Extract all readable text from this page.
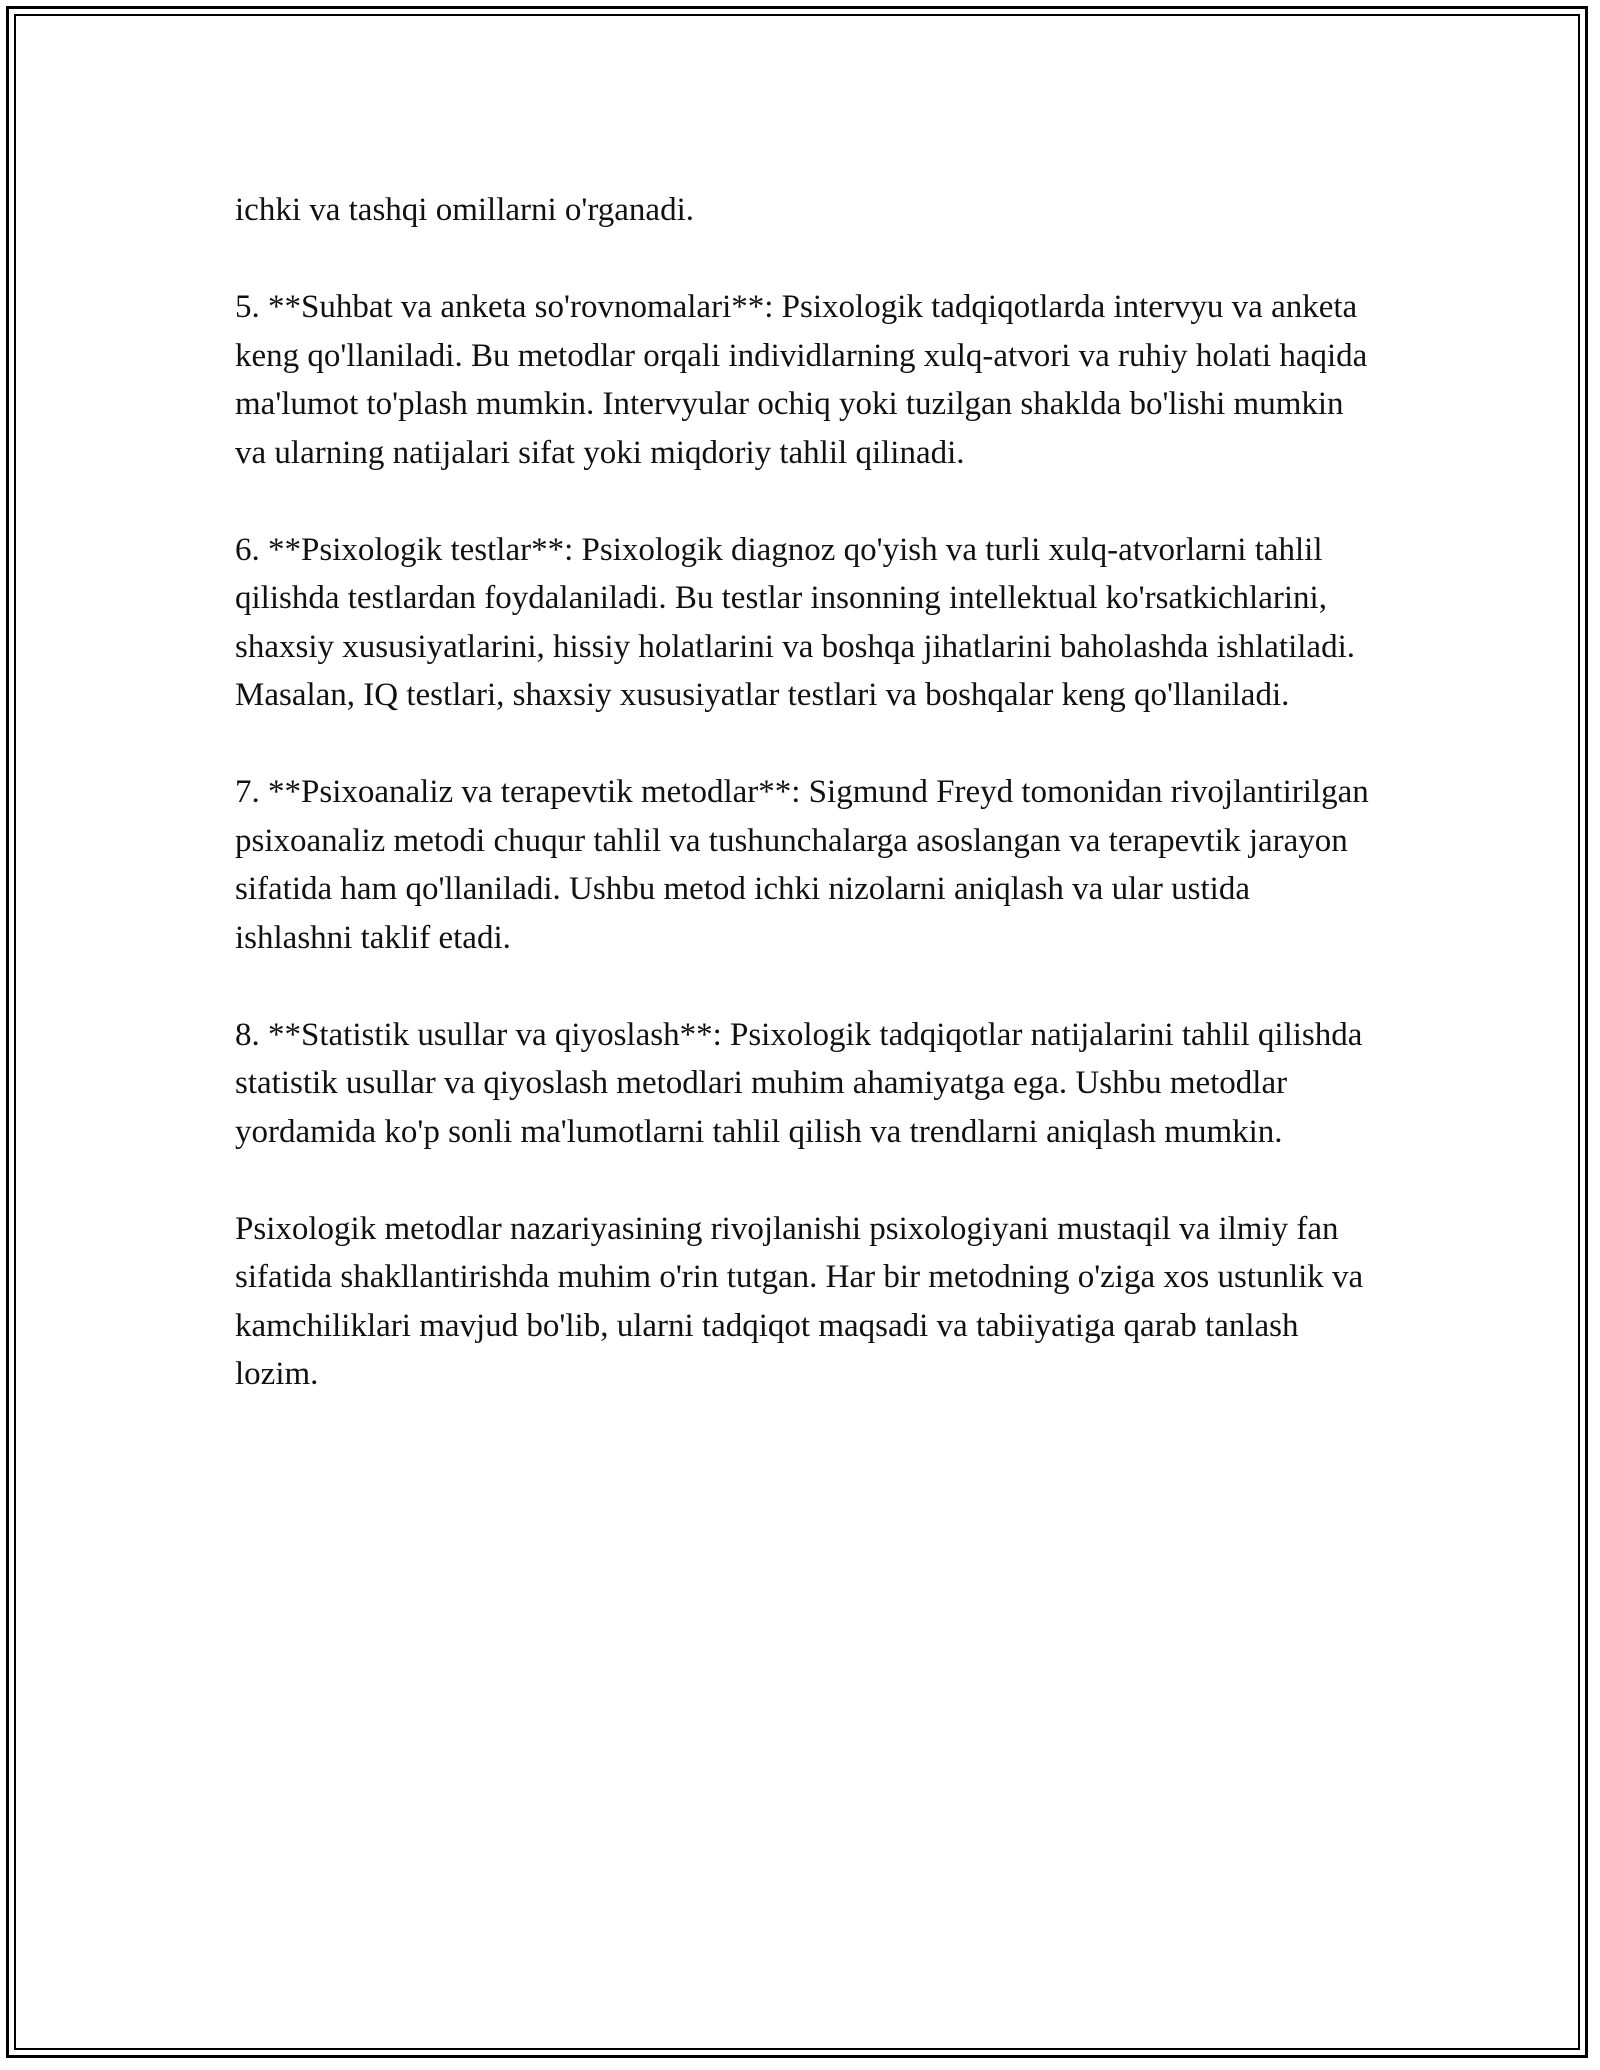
ichki va tashqi omillarni o'rganadi.

5. **Suhbat va anketa so'rovnomalari**: Psixologik tadqiqotlarda intervyu va anketa keng qo'llaniladi. Bu metodlar orqali individlarning xulq-atvori va ruhiy holati haqida ma'lumot to'plash mumkin. Intervyular ochiq yoki tuzilgan shaklda bo'lishi mumkin va ularning natijalari sifat yoki miqdoriy tahlil qilinadi.

6. **Psixologik testlar**: Psixologik diagnoz qo'yish va turli xulq-atvorlarni tahlil qilishda testlardan foydalaniladi. Bu testlar insonning intellektual ko'rsatkichlarini, shaxsiy xususiyatlarini, hissiy holatlarini va boshqa jihatlarini baholashda ishlatiladi. Masalan, IQ testlari, shaxsiy xususiyatlar testlari va boshqalar keng qo'llaniladi.

7. **Psixoanaliz va terapevtik metodlar**: Sigmund Freyd tomonidan rivojlantirilgan psixoanaliz metodi chuqur tahlil va tushunchalarga asoslangan va terapevtik jarayon sifatida ham qo'llaniladi. Ushbu metod ichki nizolarni aniqlash va ular ustida ishlashni taklif etadi.

8. **Statistik usullar va qiyoslash**: Psixologik tadqiqotlar natijalarini tahlil qilishda statistik usullar va qiyoslash metodlari muhim ahamiyatga ega. Ushbu metodlar yordamida ko'p sonli ma'lumotlarni tahlil qilish va trendlarni aniqlash mumkin.

Psixologik metodlar nazariyasining rivojlanishi psixologiyani mustaqil va ilmiy fan sifatida shakllantirishda muhim o'rin tutgan. Har bir metodning o'ziga xos ustunlik va kamchiliklari mavjud bo'lib, ularni tadqiqot maqsadi va tabiiyatiga qarab tanlash lozim.
